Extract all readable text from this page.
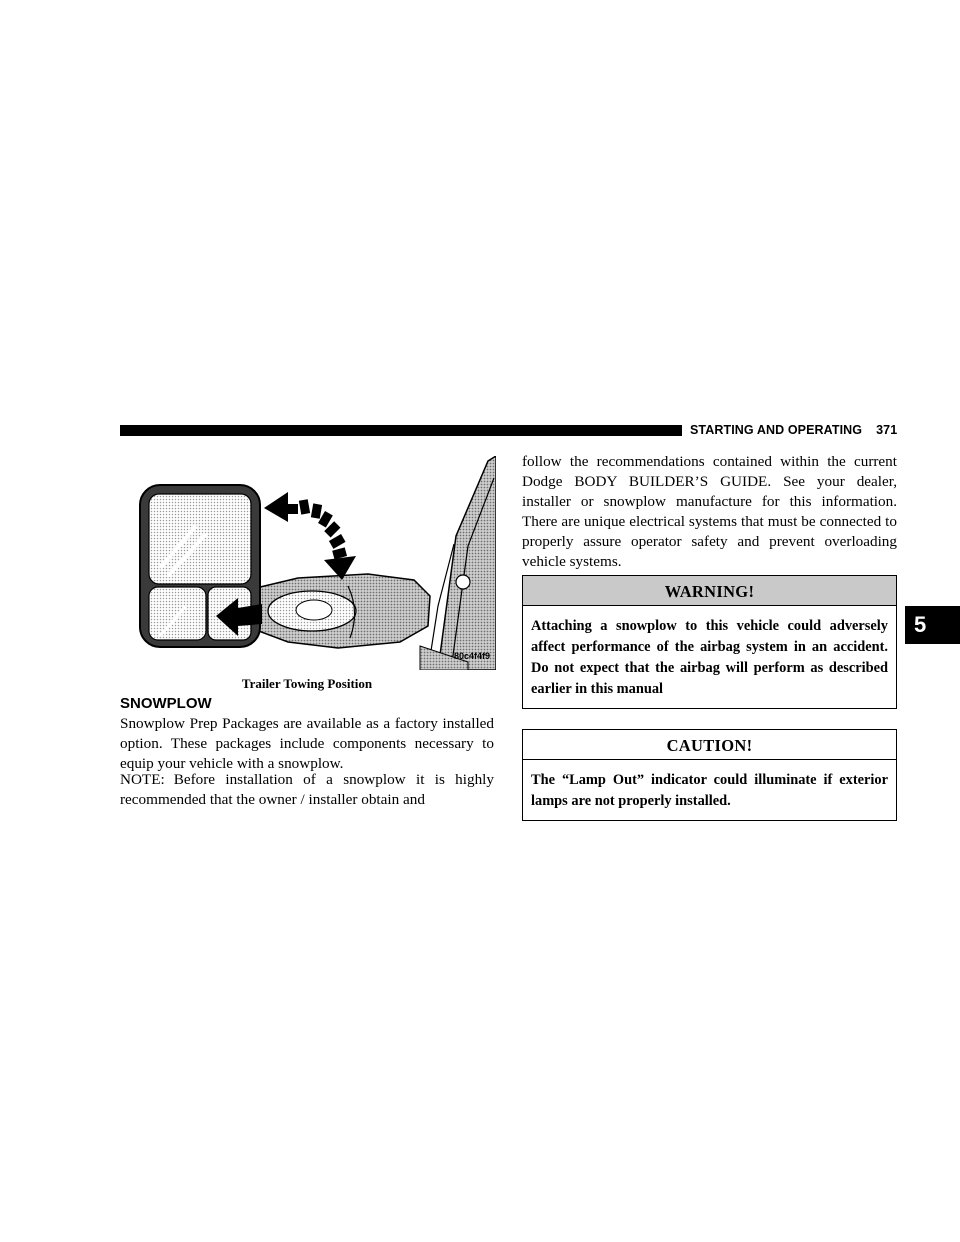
STARTING AND OPERATING 371
5
80c4f4f9
Trailer Towing Position
SNOWPLOW

Snowplow Prep Packages are available as a factory installed option. These packages include components necessary to equip your vehicle with a snowplow.

NOTE: Before installation of a snowplow it is highly recommended that the owner / installer obtain and

follow the recommendations contained within the current Dodge BODY BUILDER’S GUIDE. See your dealer, installer or snowplow manufacture for this information. There are unique electrical systems that must be connected to properly assure operator safety and prevent overloading vehicle systems.

WARNING!
Attaching a snowplow to this vehicle could adversely affect performance of the airbag system in an accident. Do not expect that the airbag will perform as described earlier in this manual
CAUTION!
The “Lamp Out” indicator could illuminate if exterior lamps are not properly installed.
